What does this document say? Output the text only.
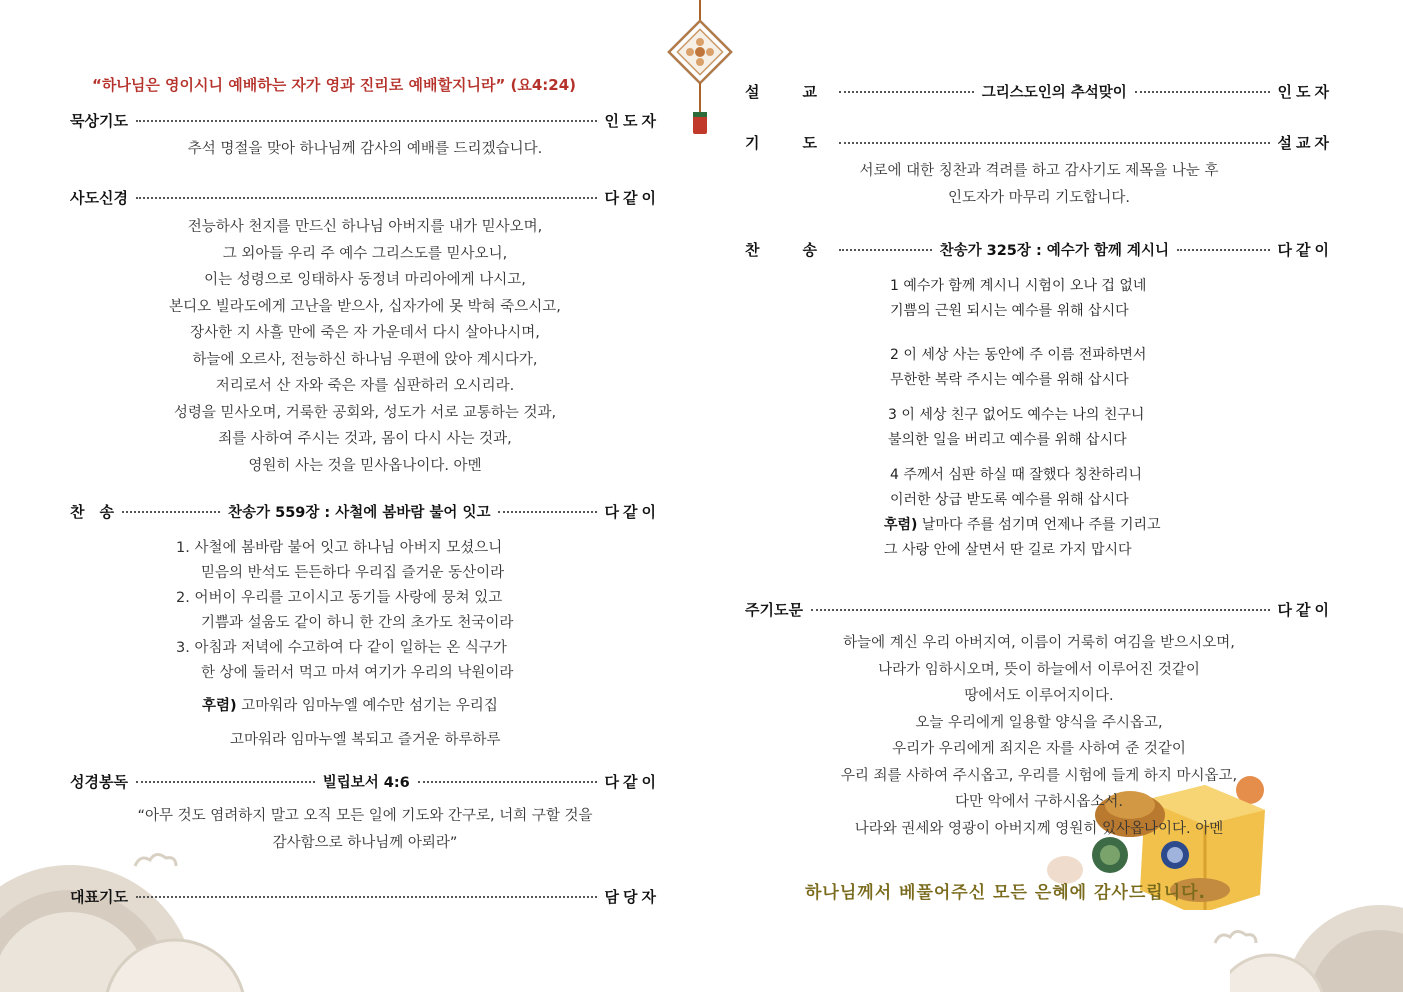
“하나님은 영이시니 예배하는 자가 영과 진리로 예배할지니라” (요4:24)
묵상기도	인도자
추석 명절을 맞아 하나님께 감사의 예배를 드리겠습니다.
사도신경	다같이
전능하사 천지를 만드신 하나님 아버지를 내가 믿사오며,
그 외아들 우리 주 예수 그리스도를 믿사오니,
이는 성령으로 잉태하사 동정녀 마리아에게 나시고,
본디오 빌라도에게 고난을 받으사, 십자가에 못 박혀 죽으시고,
장사한 지 사흘 만에 죽은 자 가운데서 다시 살아나시며,
하늘에 오르사, 전능하신 하나님 우편에 앉아 계시다가,
저리로서 산 자와 죽은 자를 심판하러 오시리라.
성령을 믿사오며, 거룩한 공회와, 성도가 서로 교통하는 것과,
죄를 사하여 주시는 것과, 몸이 다시 사는 것과,
영원히 사는 것을 믿사옵나이다. 아멘
찬　송	찬송가 559장 : 사철에 봄바람 불어 잇고	다같이
1. 사철에 봄바람 불어 잇고 하나님 아버지 모셨으니
믿음의 반석도 든든하다 우리집 즐거운 동산이라
2. 어버이 우리를 고이시고 동기들 사랑에 뭉쳐 있고
기쁨과 설움도 같이 하니 한 간의 초가도 천국이라
3. 아침과 저녁에 수고하여 다 같이 일하는 온 식구가
한 상에 둘러서 먹고 마셔 여기가 우리의 낙원이라
후렴) 고마워라 임마누엘 예수만 섬기는 우리집
고마워라 임마누엘 복되고 즐거운 하루하루
성경봉독	빌립보서 4:6	다같이
“아무 것도 염려하지 말고 오직 모든 일에 기도와 간구로, 너희 구할 것을
감사함으로 하나님께 아뢰라”
대표기도	담당자
설　교	그리스도인의 추석맞이	인도자
기　도	설교자
서로에 대한 칭찬과 격려를 하고 감사기도 제목을 나눈 후
인도자가 마무리 기도합니다.
찬　송	찬송가 325장 : 예수가 함께 계시니	다같이
1 예수가 함께 계시니 시험이 오나 겁 없네
기쁨의 근원 되시는 예수를 위해 삽시다
2 이 세상 사는 동안에 주 이름 전파하면서
무한한 복락 주시는 예수를 위해 삽시다
3 이 세상 친구 없어도 예수는 나의 친구니
불의한 일을 버리고 예수를 위해 삽시다
4 주께서 심판 하실 때 잘했다 칭찬하리니
이러한 상급 받도록 예수를 위해 삽시다
후렴) 날마다 주를 섬기며 언제나 주를 기리고
그 사랑 안에 살면서 딴 길로 가지 맙시다
주기도문	다같이
하늘에 계신 우리 아버지여, 이름이 거룩히 여김을 받으시오며,
나라가 임하시오며, 뜻이 하늘에서 이루어진 것같이
땅에서도 이루어지이다.
오늘 우리에게 일용할 양식을 주시옵고,
우리가 우리에게 죄지은 자를 사하여 준 것같이
우리 죄를 사하여 주시옵고, 우리를 시험에 들게 하지 마시옵고,
다만 악에서 구하시옵소서.
나라와 권세와 영광이 아버지께 영원히 있사옵나이다. 아멘
하나님께서 베풀어주신 모든 은혜에 감사드립니다.
